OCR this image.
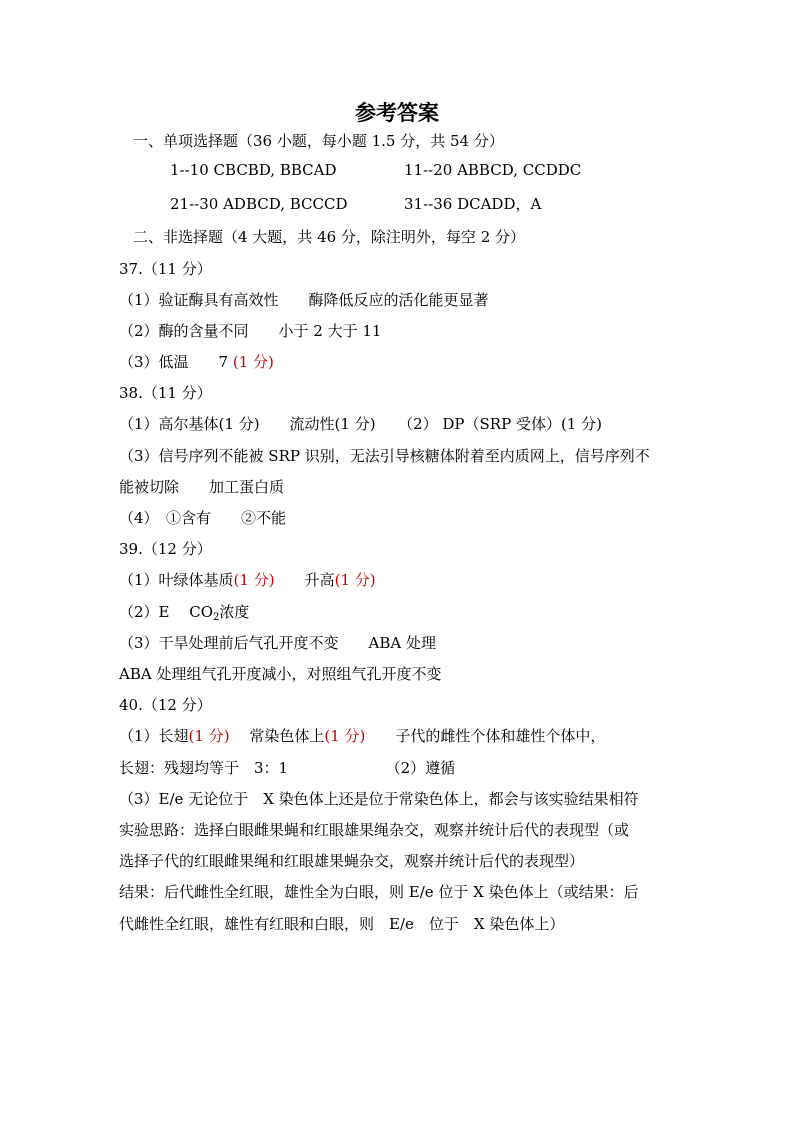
参考答案
一、单项选择题（36 小题，每小题 1.5 分，共 54 分）
1--10 CBCBD, BBCAD	11--20 ABBCD, CCDDC
21--30 ADBCD, BCCCD	31--36 DCADD，A
二、非选择题（4 大题，共 46 分，除注明外，每空 2 分）
37.（11 分）
（1）验证酶具有高效性　　酶降低反应的活化能更显著
（2）酶的含量不同　　小于 2 大于 11
（3）低温　　7 (1 分)
38.（11 分）
（1）高尔基体(1 分)　　流动性(1 分)　　（2） DP（SRP 受体）(1 分)
（3）信号序列不能被 SRP 识别，无法引导核糖体附着至内质网上，信号序列不
能被切除　　加工蛋白质
（4）　①含有　　②不能
39.（12 分）
（1）叶绿体基质(1 分)　　升高(1 分)
（2）E　 $CO_2$浓度
（3）干旱处理前后气孔开度不变　　ABA 处理
ABA 处理组气孔开度减小，对照组气孔开度不变
40.（12 分）
（1）长翅(1 分)　 常染色体上(1 分)　　子代的雌性个体和雄性个体中，
长翅：残翅均等于　3：1　　　　　　　（2）遵循
（3）E/e 无论位于　X 染色体上还是位于常染色体上，都会与该实验结果相符
实验思路：选择白眼雌果蝇和红眼雄果绳杂交，观察并统计后代的表现型（或
选择子代的红眼雌果绳和红眼雄果蝇杂交，观察并统计后代的表现型）
结果：后代雌性全红眼，雄性全为白眼，则 E/e 位于 X 染色体上（或结果：后
代雌性全红眼，雄性有红眼和白眼，则　E/e　位于　X 染色体上）
